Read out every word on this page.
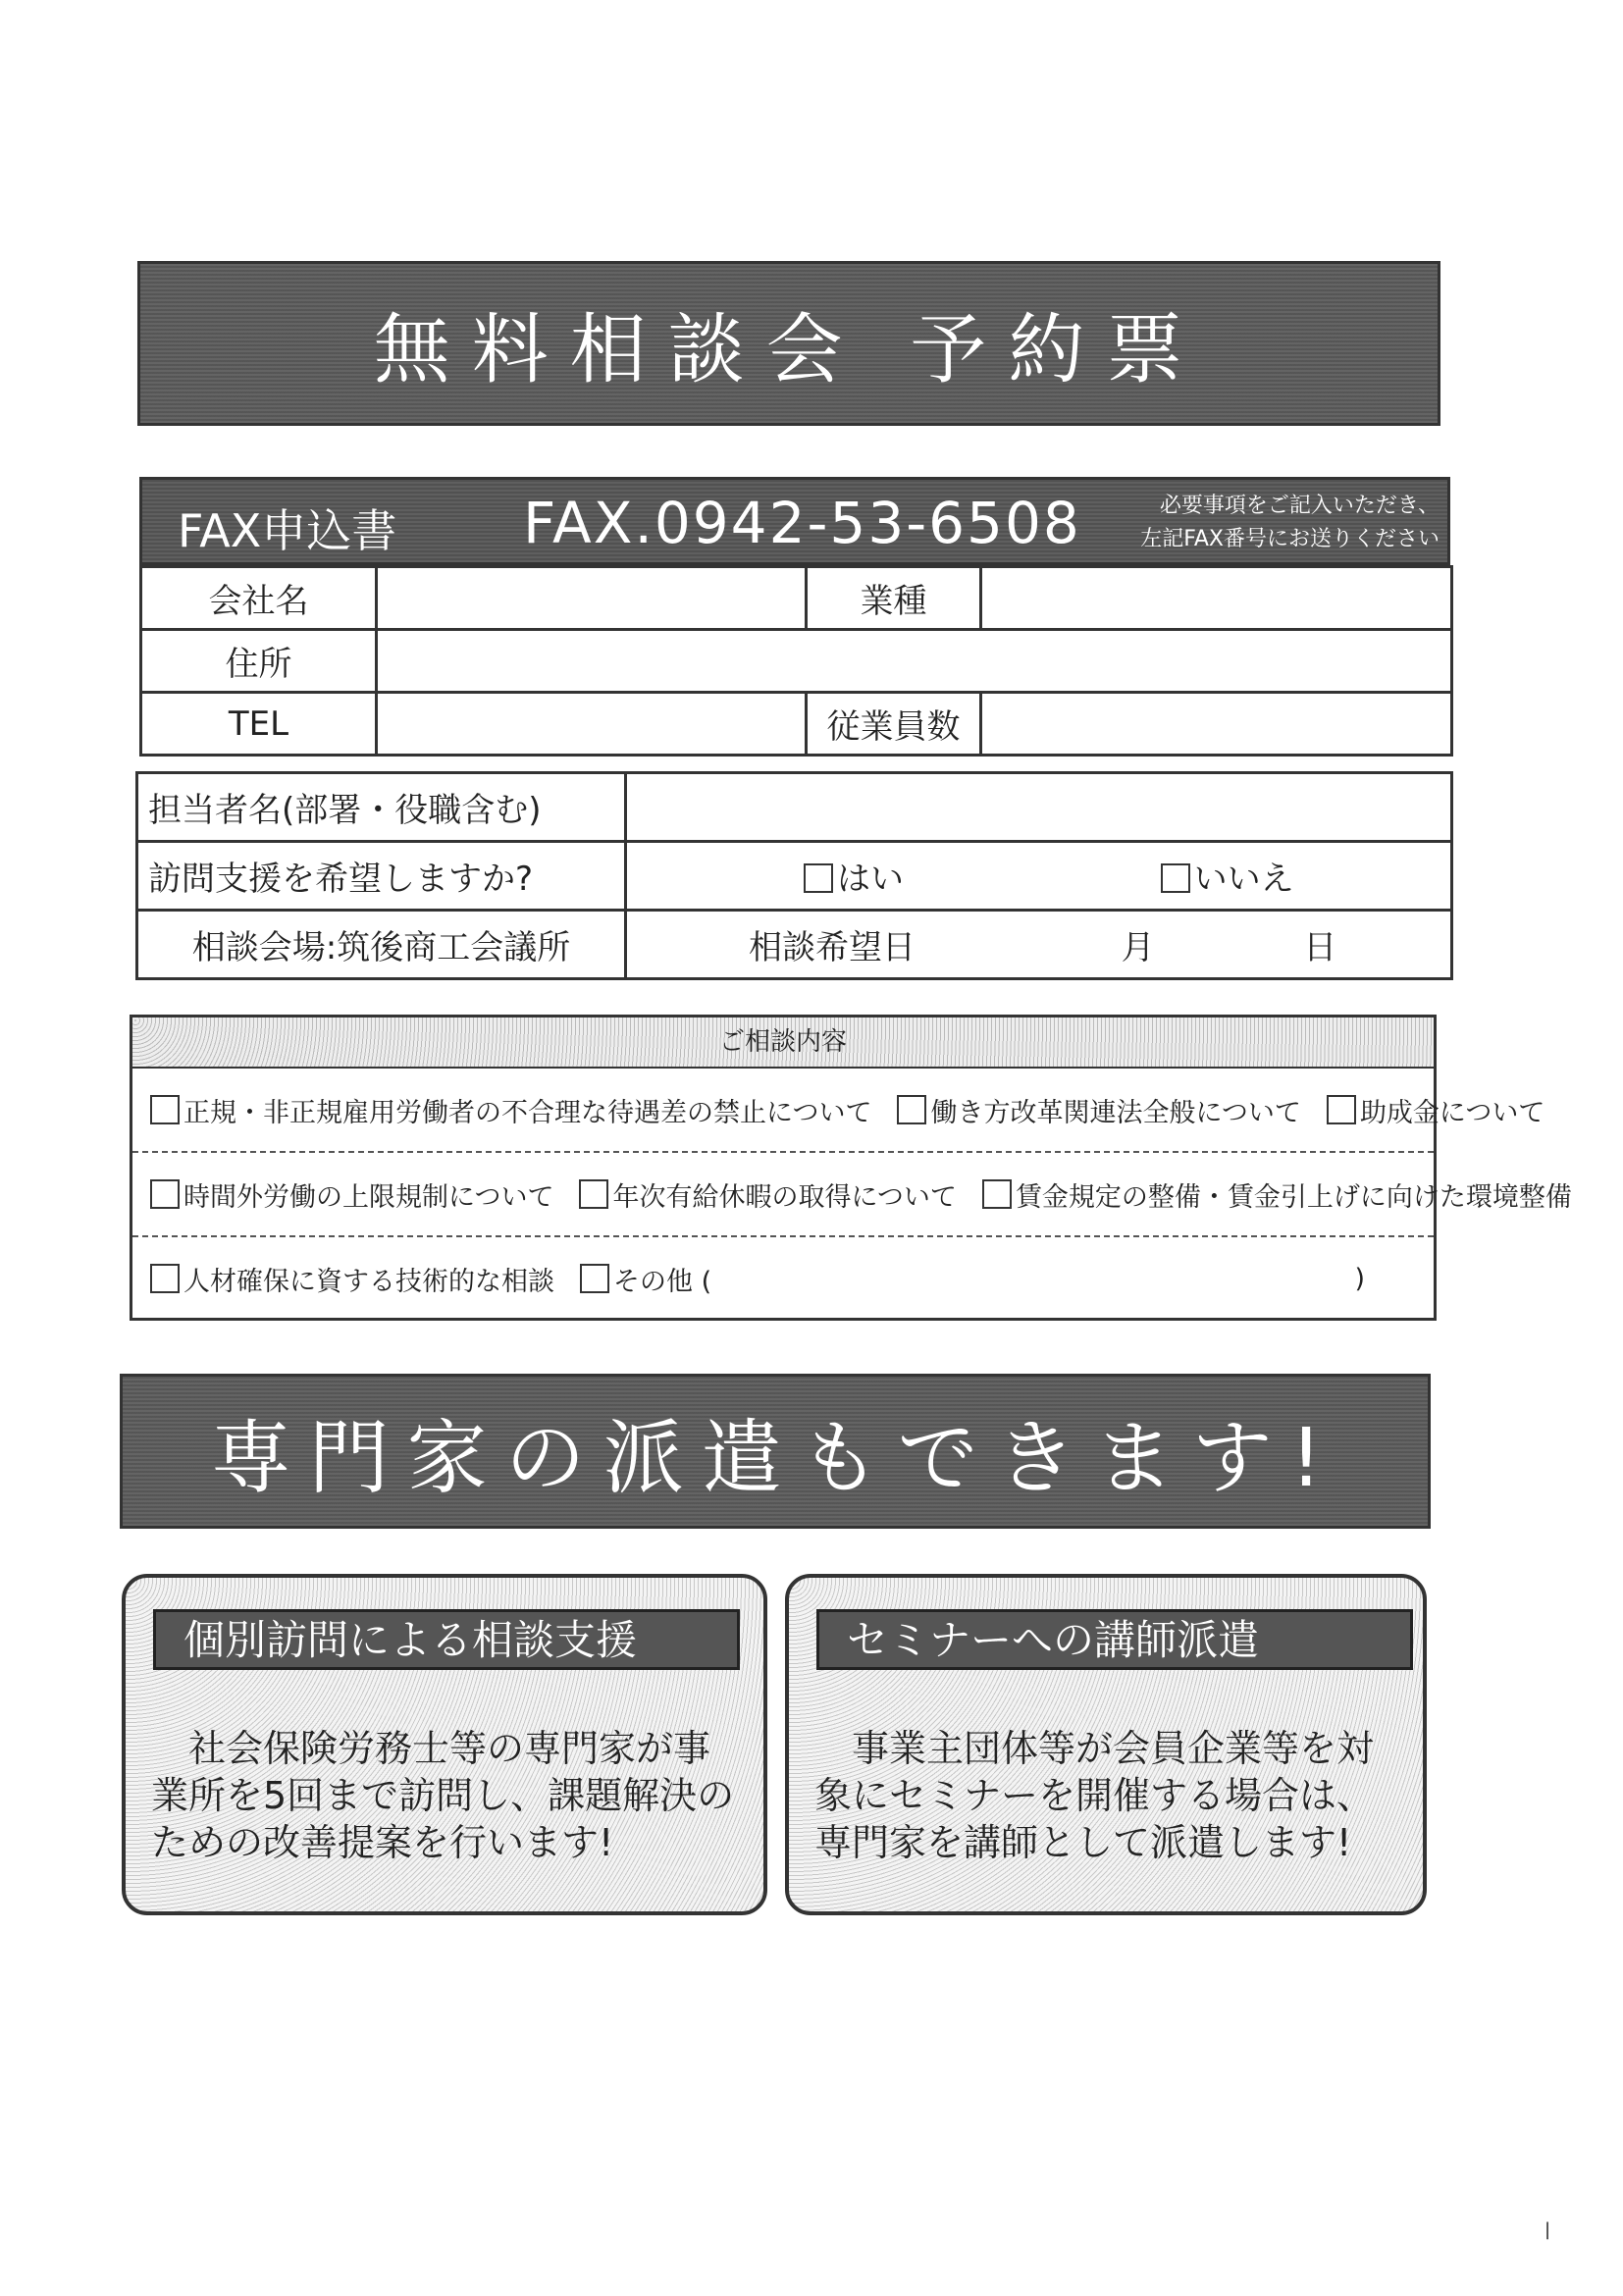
無料相談会 予約票
FAX申込書 FAX.0942-53-6508	必要事項をご記入いただき、
左記FAX番号にお送りください
会社名		業種	
住所			
TEL		従業員数	
担当者名(部署・役職含む)	
訪問支援を希望しますか?	はい いいえ
相談会場:筑後商工会議所	相談希望日 月 日
ご相談内容
正規・非正規雇用労働者の不合理な待遇差の禁止について	働き方改革関連法全般について	助成金について
時間外労働の上限規制について	年次有給休暇の取得について	賃金規定の整備・賃金引上げに向けた環境整備
人材確保に資する技術的な相談	その他 (	)
専門家の派遣もできます!
個別訪問による相談支援
社会保険労務士等の専門家が事業所を5回まで訪問し、課題解決のための改善提案を行います!
セミナーへの講師派遣
事業主団体等が会員企業等を対象にセミナーを開催する場合は、専門家を講師として派遣します!
|
